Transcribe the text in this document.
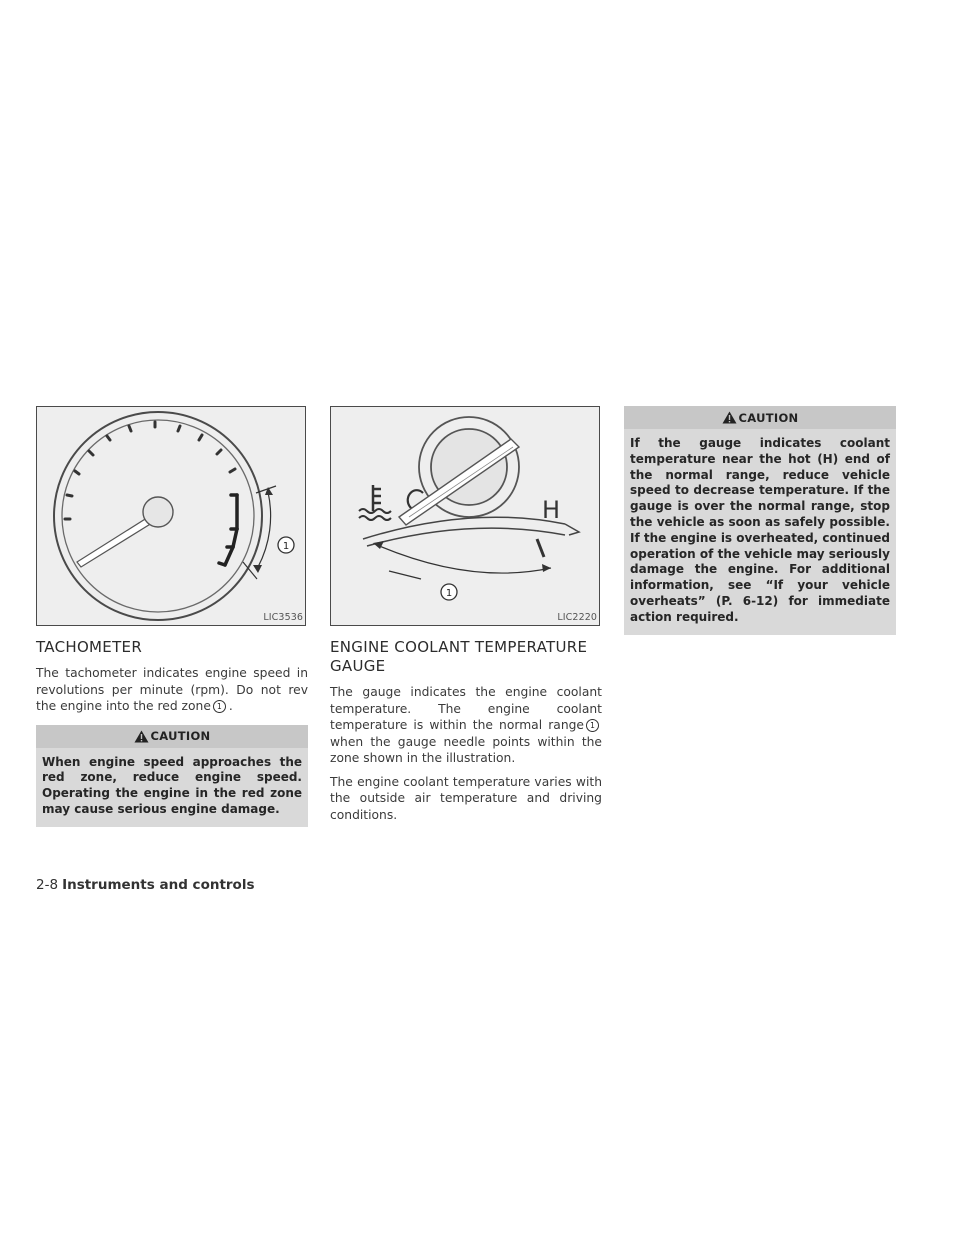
1
LIC3536
TACHOMETER

The tachometer indicates engine speed in revolutions per minute (rpm). Do not rev the engine into the red zone 1 .

CAUTION
When engine speed approaches the red zone, reduce engine speed. Operating the engine in the red zone may cause serious engine damage.
H
1
LIC2220
ENGINE COOLANT TEMPERATURE GAUGE

The gauge indicates the engine coolant temperature. The engine coolant temperature is within the normal range 1when the gauge needle points within the zone shown in the illustration.

The engine coolant temperature varies with the outside air temperature and driving conditions.

CAUTION
If the gauge indicates coolant temperature near the hot (H) end of the normal range, reduce vehicle speed to decrease temperature. If the gauge is over the normal range, stop the vehicle as soon as safely possible. If the engine is overheated, continued operation of the vehicle may seriously damage the engine. For additional information, see “If your vehicle overheats” (P. 6-12) for immediate action required.
2-8 Instruments and controls
